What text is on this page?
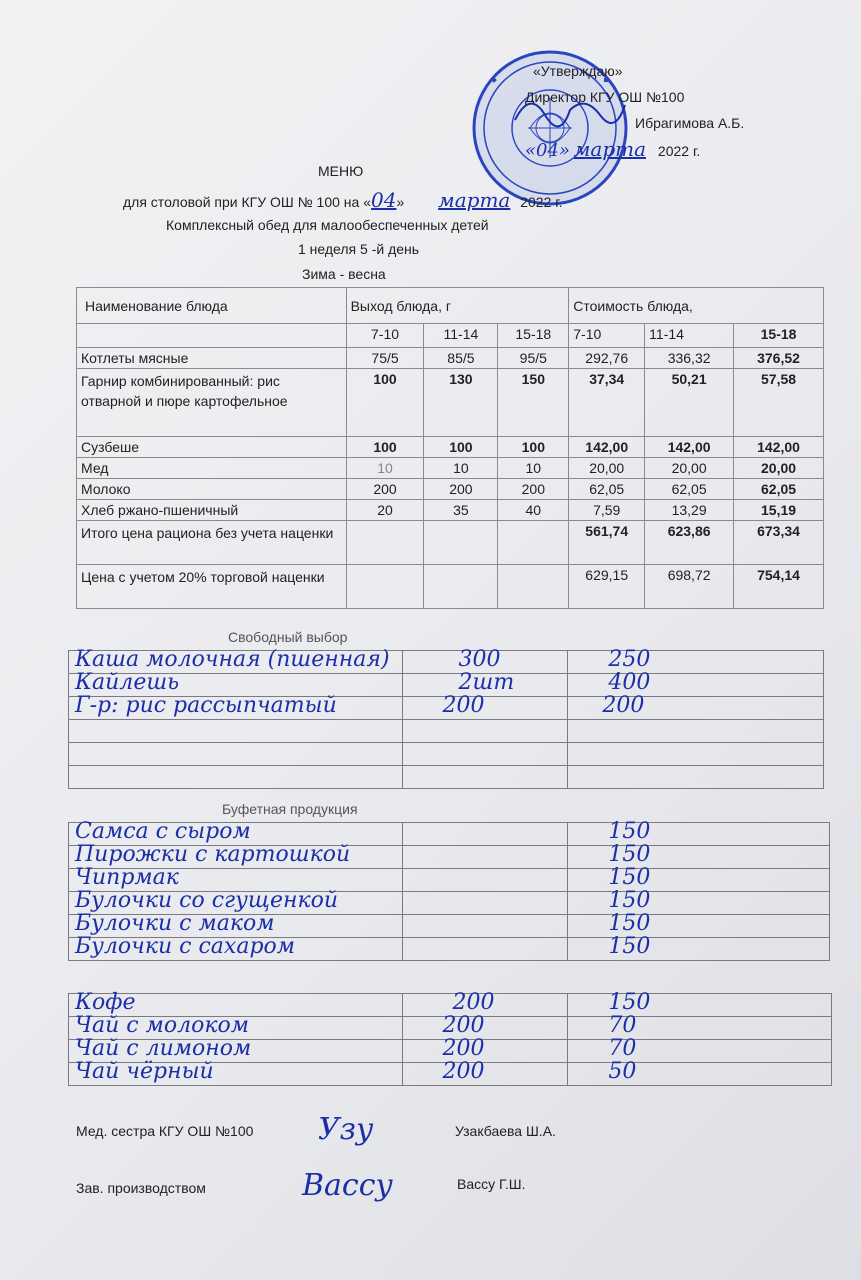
«Утверждаю»
Директор КГУ ОШ №100
Ибрагимова А.Б.
«04» марта 2022 г.
МЕНЮ
для столовой при КГУ ОШ № 100 на «04» марта 2022 г.
Комплексный обед для малообеспеченных детей
1 неделя 5 -й день
Зима - весна
Наименование блюда	Выход блюда, г			Стоимость блюда,		
	7-10	11-14	15-18	7-10	11-14	15-18
Котлеты мясные	75/5	85/5	95/5	292,76	336,32	376,52
Гарнир комбинированный: рис отварной и пюре картофельное	100	130	150	37,34	50,21	57,58
Сузбеше	100	100	100	142,00	142,00	142,00
Мед	10	10	10	20,00	20,00	20,00
Молоко	200	200	200	62,05	62,05	62,05
Хлеб ржано-пшеничный	20	35	40	7,59	13,29	15,19
Итого цена рациона без учета наценки				561,74	623,86	673,34
Цена с учетом 20% торговой наценки				629,15	698,72	754,14
Свободный выбор
Каша молочная (пшенная)	300	250

Кайлешь	2шт	400

Г-р: рис рассыпчатый	200	200

Буфетная продукция
Самса с сыром		150

Пирожки с картошкой		150

Чипрмак		150

Булочки со сгущенкой		150

Булочки с маком		150

Булочки с сахаром		150
Кофе	200	150

Чай с молоком	200	70

Чай с лимоном	200	70

Чай чёрный	200	50
Мед. сестра КГУ ОШ №100 Узу	Узакбаева Ш.А.
Зав. производством	Вассу	Вассу Г.Ш.
